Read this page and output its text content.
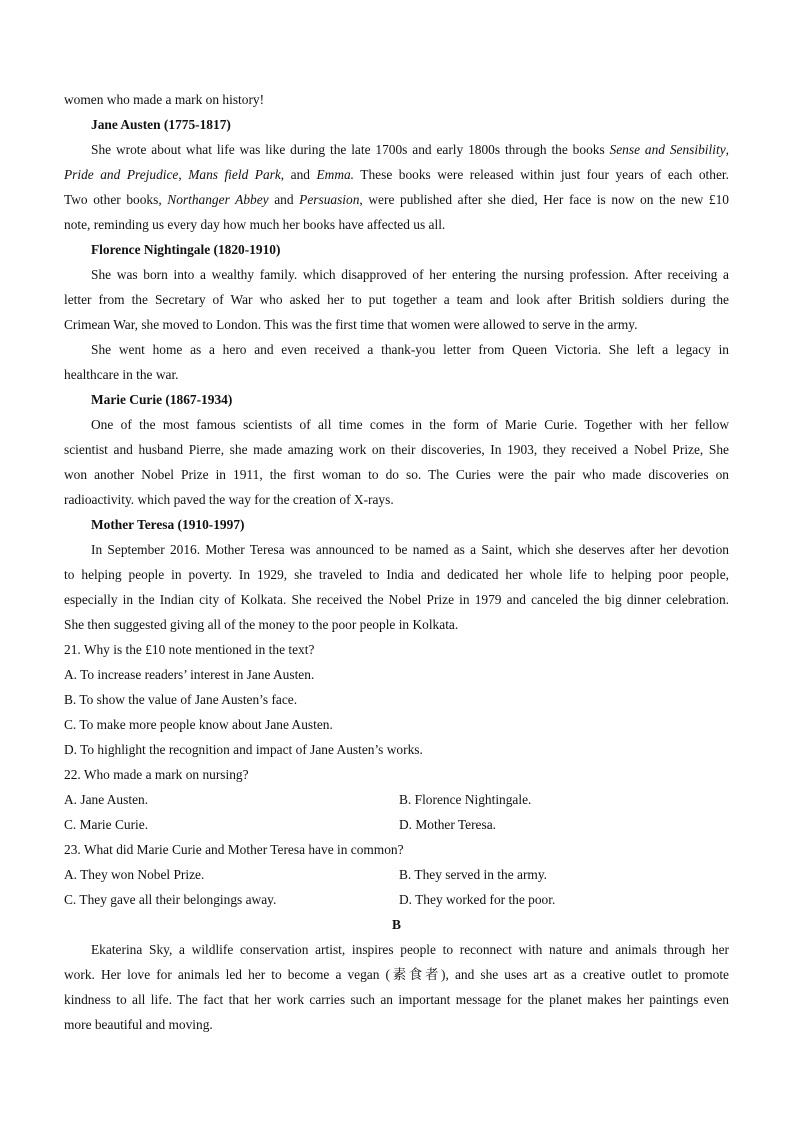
women who made a mark on history!
Jane Austen (1775-1817)
She wrote about what life was like during the late 1700s and early 1800s through the books Sense and Sensibility,
Pride and Prejudice, Mans field Park, and Emma. These books were released within just four years of each other.
Two other books, Northanger Abbey and Persuasion, were published after she died, Her face is now on the new £10
note, reminding us every day how much her books have affected us all.
Florence Nightingale (1820-1910)
She was born into a wealthy family. which disapproved of her entering the nursing profession. After receiving a
letter from the Secretary of War who asked her to put together a team and look after British soldiers during the
Crimean War, she moved to London. This was the first time that women were allowed to serve in the army.
She went home as a hero and even received a thank-you letter from Queen Victoria. She left a legacy in
healthcare in the war.
Marie Curie (1867-1934)
One of the most famous scientists of all time comes in the form of Marie Curie. Together with her fellow
scientist and husband Pierre, she made amazing work on their discoveries, In 1903, they received a Nobel Prize, She
won another Nobel Prize in 1911, the first woman to do so. The Curies were the pair who made discoveries on
radioactivity. which paved the way for the creation of X-rays.
Mother Teresa (1910-1997)
In September 2016. Mother Teresa was announced to be named as a Saint, which she deserves after her devotion
to helping people in poverty. In 1929, she traveled to India and dedicated her whole life to helping poor people,
especially in the Indian city of Kolkata. She received the Nobel Prize in 1979 and canceled the big dinner celebration.
She then suggested giving all of the money to the poor people in Kolkata.
21. Why is the £10 note mentioned in the text?
A. To increase readers’ interest in Jane Austen.
B. To show the value of Jane Austen’s face.
C. To make more people know about Jane Austen.
D. To highlight the recognition and impact of Jane Austen’s works.
22. Who made a mark on nursing?
A. Jane Austen.	B. Florence Nightingale.
C. Marie Curie.	D. Mother Teresa.
23. What did Marie Curie and Mother Teresa have in common?
A. They won Nobel Prize.	B. They served in the army.
C. They gave all their belongings away.	D. They worked for the poor.
B
Ekaterina Sky, a wildlife conservation artist, inspires people to reconnect with nature and animals through her
work. Her love for animals led her to become a vegan (素食者), and she uses art as a creative outlet to promote
kindness to all life. The fact that her work carries such an important message for the planet makes her paintings even
more beautiful and moving.
